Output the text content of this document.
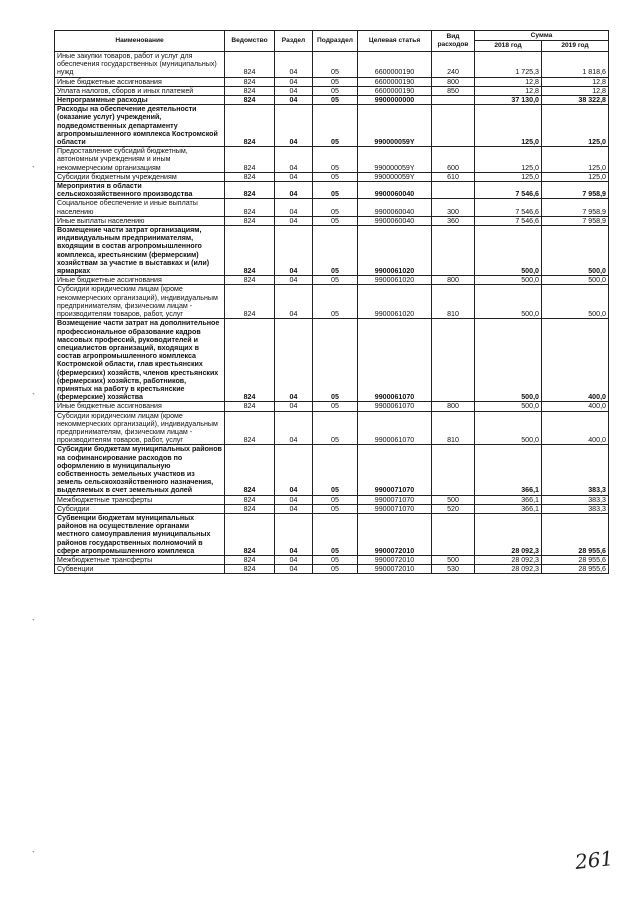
Наименование	Ведомство	Раздел	Подраздел	Целевая статья	Вид расходов	Сумма	
						2018 год	2019 год
Иные закупки товаров, работ и услуг для обеспечения государственных (муниципальных) нужд	824	04	05	6600000190	240	1 725,3	1 818,6
Иные бюджетные ассигнования	824	04	05	6600000190	800	12,8	12,8
Уплата налогов, сборов и иных платежей	824	04	05	6600000190	850	12,8	12,8
Непрограммные расходы	824	04	05	9900000000		37 130,0	38 322,8
Расходы на обеспечение деятельности (оказание услуг) учреждений, подведомственных департаменту агропромышленного комплекса Костромской области	824	04	05	990000059Y		125,0	125,0
Предоставление субсидий бюджетным, автономным учреждениям и иным некоммерческим организациям	824	04	05	990000059Y	600	125,0	125,0
Субсидии бюджетным учреждениям	824	04	05	990000059Y	610	125,0	125,0
Мероприятия в области сельскохозяйственного производства	824	04	05	9900060040		7 546,6	7 958,9
Социальное обеспечение и иные выплаты населению	824	04	05	9900060040	300	7 546,6	7 958,9
Иные выплаты населению	824	04	05	9900060040	360	7 546,6	7 958,9
Возмещение части затрат организациям, индивидуальным предпринимателям, входящим в состав агропромышленного комплекса, крестьянским (фермерским) хозяйствам за участие в выставках и (или) ярмарках	824	04	05	9900061020		500,0	500,0
Иные бюджетные ассигнования	824	04	05	9900061020	800	500,0	500,0
Субсидии юридическим лицам (кроме некоммерческих организаций), индивидуальным предпринимателям, физическим лицам - производителям товаров, работ, услуг	824	04	05	9900061020	810	500,0	500,0
Возмещение части затрат на дополнительное профессиональное образование кадров массовых профессий, руководителей и специалистов организаций, входящих в состав агропромышленного комплекса Костромской области, глав крестьянских (фермерских) хозяйств, членов крестьянских (фермерских) хозяйств, работников, принятых на работу в крестьянские (фермерские) хозяйства	824	04	05	9900061070		500,0	400,0
Иные бюджетные ассигнования	824	04	05	9900061070	800	500,0	400,0
Субсидии юридическим лицам (кроме некоммерческих организаций), индивидуальным предпринимателям, физическим лицам - производителям товаров, работ, услуг	824	04	05	9900061070	810	500,0	400,0
Субсидии бюджетам муниципальных районов на софинансирование расходов по оформлению в муниципальную собственность земельных участков из земель сельскохозяйственного назначения, выделяемых в счет земельных долей	824	04	05	9900071070		366,1	383,3
Межбюджетные трансферты	824	04	05	9900071070	500	366,1	383,3
Субсидии	824	04	05	9900071070	520	366,1	383,3
Субвенции бюджетам муниципальных районов на осуществление органами местного самоуправления муниципальных районов государственных полномочий в сфере агропромышленного комплекса	824	04	05	9900072010		28 092,3	28 955,6
Межбюджетные трансферты	824	04	05	9900072010	500	28 092,3	28 955,6
Субвенции	824	04	05	9900072010	530	28 092,3	28 955,6
`
`
`
`	261
